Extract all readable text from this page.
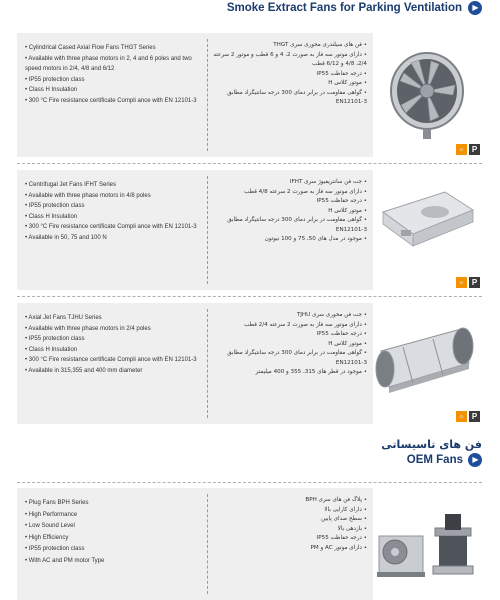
Smoke Extract Fans for Parking Ventilation ▶
• Cylindrical Cased Axial Flow Fans THGT Series
• Available with three phase motors in 2, 4 and 6 poles and two speed motors in 2/4, 4/8 and 6/12
• IP55 protection class
• Class H Insulation
• 300 °C Fire resistance certificate Compli ance with EN 12101-3
• فن های سیلندری محوری سری THGT
• دارای موتور سه فاز به صورت 2، 4 و 6 قطب و موتور 2 سرعته 2/4، 4/8 و 6/12 قطب
• درجه حفاظت IP55
• موتور کلاس H
• گواهی مقاومت در برابر دمای 300 درجه سانتیگراد مطابق EN12101-3
☼ P
• Centrifugal Jet Fans IFHT Series
• Available with three phase motors in 4/8 poles
• IP55 protection class
• Class H Insulation
• 300 °C Fire resistance certificate Compli ance with EN 12101-3
• Available in 50, 75 and 100 N
• جت فن سانتریفیوژ سری IFHT
• دارای موتور سه فاز به صورت 2 سرعته 4/8 قطب
• درجه حفاظت IP55
• موتور کلاس H
• گواهی مقاومت در برابر دمای 300 درجه سانتیگراد مطابق EN12101-3
• موجود در مدل های 50، 75 و 100 نیوتون
☼ P
• Axial Jet Fans TJHU Series
• Available with three phase motors in 2/4 poles
• IP55 protection class
• Class H Insulation
• 300 °C Fire resistance certificate Compli ance with EN 12101-3
• Available in 315,355 and 400 mm diameter
• جت فن محوری سری TJHU
• دارای موتور سه فاز به صورت 2 سرعته 2/4 قطب
• درجه حفاظت IP55
• موتور کلاس H
• گواهی مقاومت در برابر دمای 300 درجه سانتیگراد مطابق EN12101-3
• موجود در قطر های 315، 355 و 400 میلیمتر
☼ P
فن های تاسیساتی
OEM Fans ▶
• Plug Fans BPH Series
• High Performance
• Low Sound Level
• High Efficiency
• IP55 protection class
• With AC and PM motor Type
• پلاگ فن های سری BPH
• دارای کارایی بالا
• سطح صدای پایین
• بازدهی بالا
• درجه حفاظت IP55
• دارای موتور AC و PM
